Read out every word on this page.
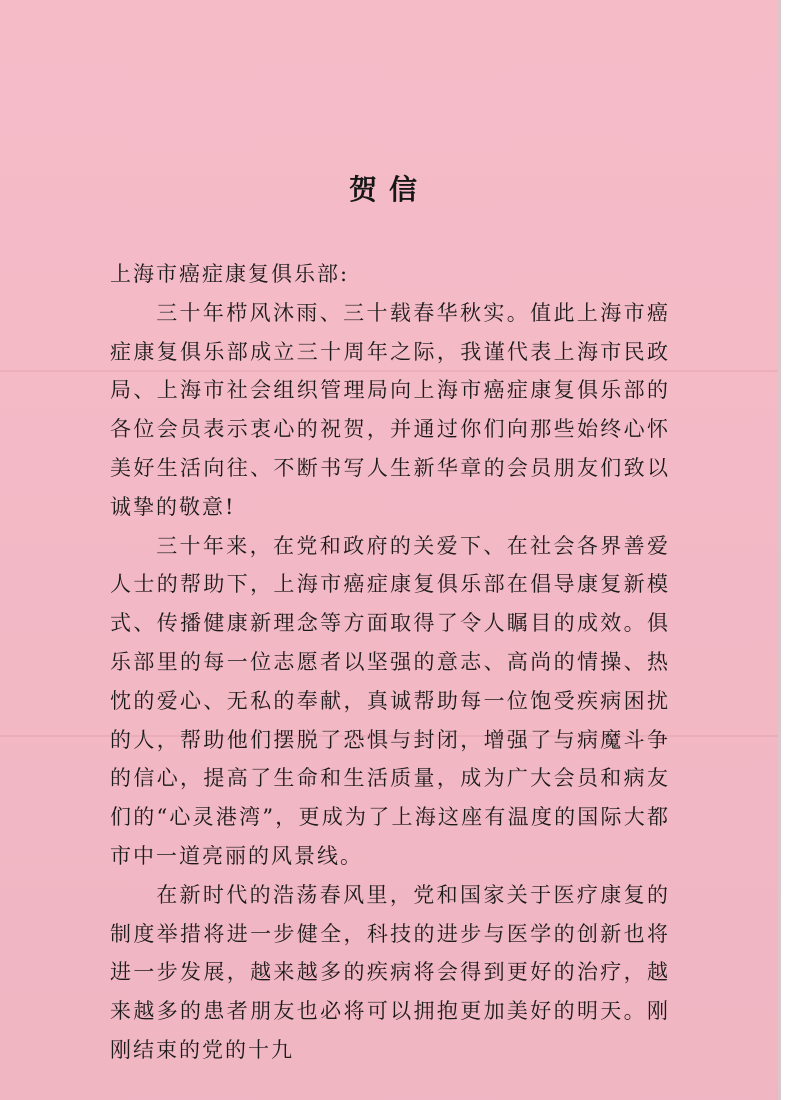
贺信

上海市癌症康复俱乐部:

三十年栉风沐雨、三十载春华秋实。值此上海市癌症康复俱乐部成立三十周年之际，我谨代表上海市民政局、上海市社会组织管理局向上海市癌症康复俱乐部的各位会员表示衷心的祝贺，并通过你们向那些始终心怀美好生活向往、不断书写人生新华章的会员朋友们致以诚挚的敬意!

三十年来，在党和政府的关爱下、在社会各界善爱人士的帮助下，上海市癌症康复俱乐部在倡导康复新模式、传播健康新理念等方面取得了令人瞩目的成效。俱乐部里的每一位志愿者以坚强的意志、高尚的情操、热忱的爱心、无私的奉献，真诚帮助每一位饱受疾病困扰的人，帮助他们摆脱了恐惧与封闭，增强了与病魔斗争的信心，提高了生命和生活质量，成为广大会员和病友们的“心灵港湾”，更成为了上海这座有温度的国际大都市中一道亮丽的风景线。

在新时代的浩荡春风里，党和国家关于医疗康复的制度举措将进一步健全，科技的进步与医学的创新也将进一步发展，越来越多的疾病将会得到更好的治疗，越来越多的患者朋友也必将可以拥抱更加美好的明天。刚刚结束的党的十九
